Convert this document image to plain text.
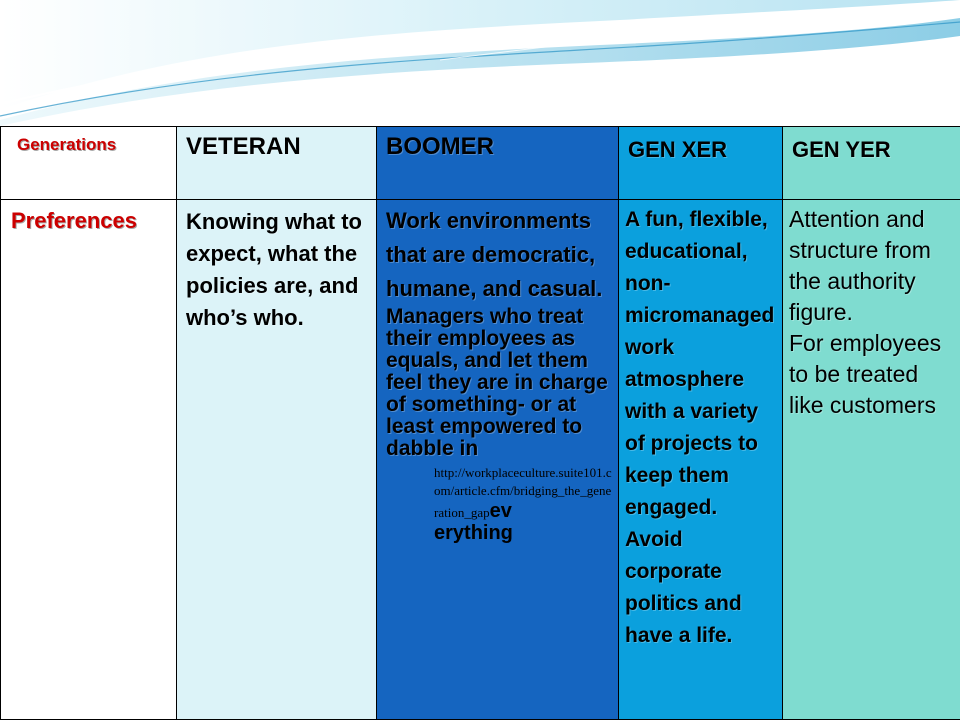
Generations	VETERAN	BOOMER	GEN XER	GEN YER

Preferences	Knowing what to expect, what the policies are, and who’s who.	Work environments that are democratic, humane, and casual.
Managers who treat their employees as equals, and let them feel they are in charge of something- or at least empowered to dabble in
http://workplaceculture.suite101.com/article.cfm/bridging_the_generation_gapev
erything	A fun, flexible, educational, non-micromanaged work atmosphere with a variety of projects to keep them engaged. Avoid corporate politics and have a life.	Attention and structure from the authority figure.
For employees to be treated like customers
